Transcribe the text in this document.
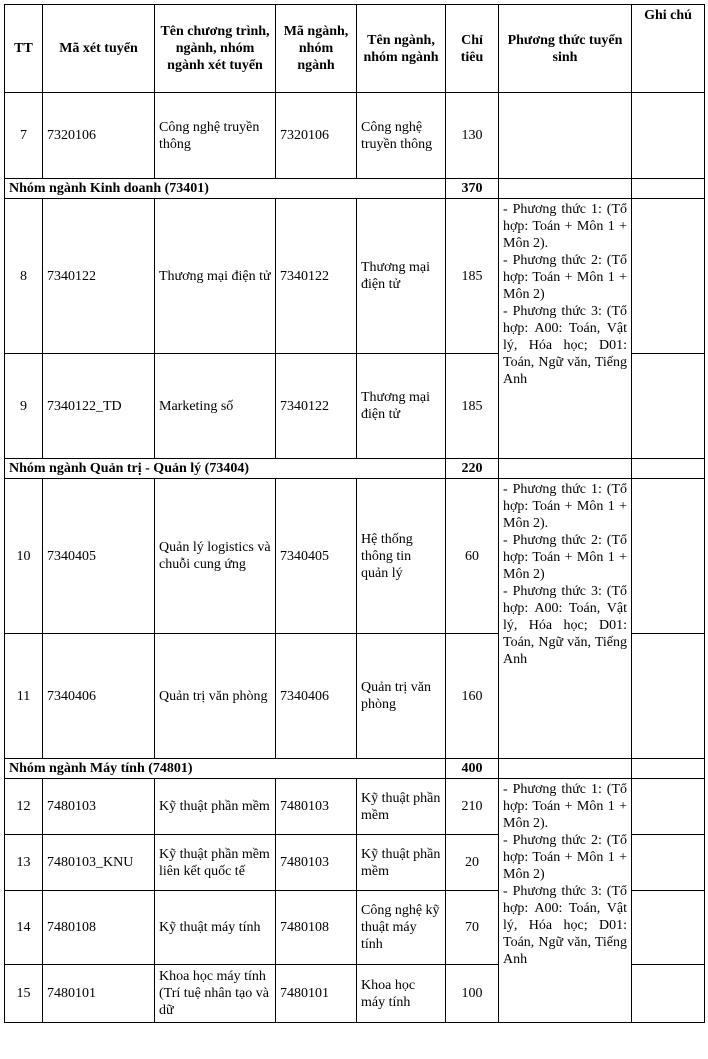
TT	Mã xét tuyển	Tên chương trình, ngành, nhóm ngành xét tuyển	Mã ngành, nhóm ngành	Tên ngành, nhóm ngành	Chỉ tiêu	Phương thức tuyển sinh	Ghi chú
7	7320106	Công nghệ truyền thông	7320106	Công nghệ truyền thông	130		
Nhóm ngành Kinh doanh (73401)					370		
8	7340122	Thương mại điện tử	7340122	Thương mại điện tử	185	- Phương thức 1: (Tổ hợp: Toán + Môn 1 + Môn 2).
- Phương thức 2: (Tổ hợp: Toán + Môn 1 + Môn 2)
- Phương thức 3: (Tổ hợp: A00: Toán, Vật lý, Hóa học; D01: Toán, Ngữ văn, Tiếng Anh	
9	7340122_TD	Marketing số	7340122	Thương mại điện tử	185		
Nhóm ngành Quản trị - Quản lý (73404)					220		
10	7340405	Quản lý logistics và chuỗi cung ứng	7340405	Hệ thống thông tin quản lý	60	- Phương thức 1: (Tổ hợp: Toán + Môn 1 + Môn 2).
- Phương thức 2: (Tổ hợp: Toán + Môn 1 + Môn 2)
- Phương thức 3: (Tổ hợp: A00: Toán, Vật lý, Hóa học; D01: Toán, Ngữ văn, Tiếng Anh	
11	7340406	Quản trị văn phòng	7340406	Quản trị văn phòng	160		
Nhóm ngành Máy tính (74801)					400		
12	7480103	Kỹ thuật phần mềm	7480103	Kỹ thuật phần mềm	210	- Phương thức 1: (Tổ hợp: Toán + Môn 1 + Môn 2).
- Phương thức 2: (Tổ hợp: Toán + Môn 1 + Môn 2)
- Phương thức 3: (Tổ hợp: A00: Toán, Vật lý, Hóa học; D01: Toán, Ngữ văn, Tiếng Anh	
13	7480103_KNU	Kỹ thuật phần mềm liên kết quốc tế	7480103	Kỹ thuật phần mềm	20		
14	7480108	Kỹ thuật máy tính	7480108	Công nghệ kỹ thuật máy tính	70		
15	7480101	Khoa học máy tính (Trí tuệ nhân tạo và dữ	7480101	Khoa học máy tính	100		
